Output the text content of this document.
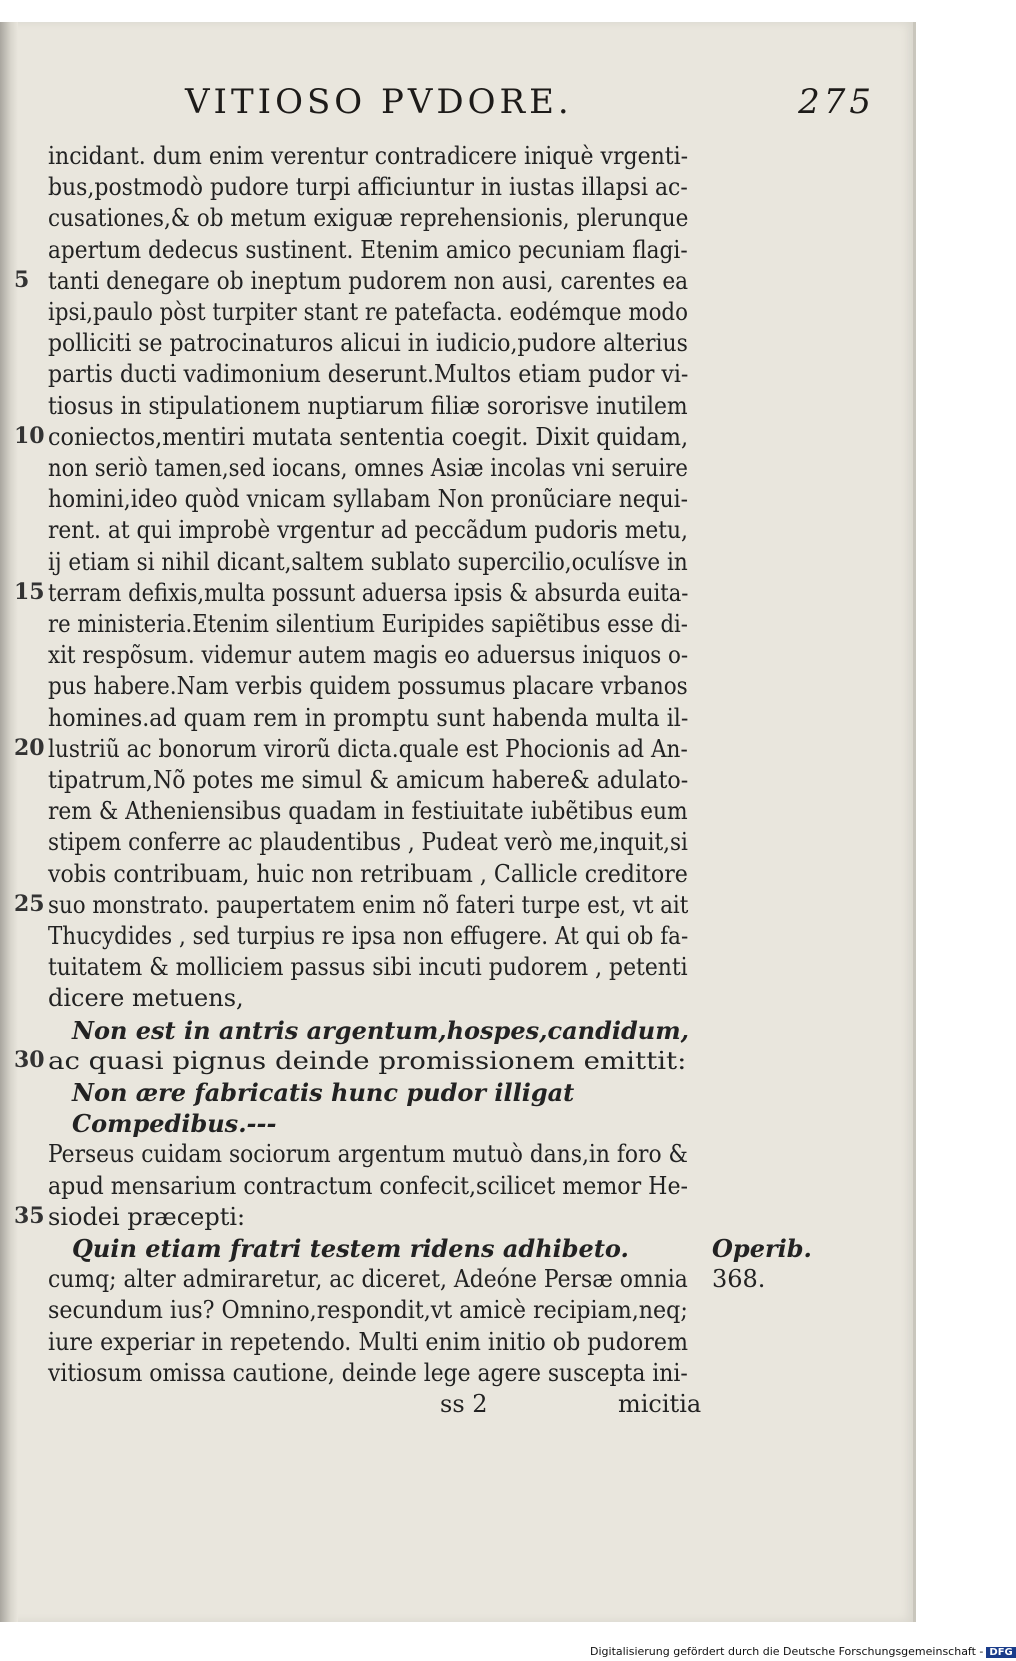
VITIOSO PVDORE.	275
incidant. dum enim verentur contradicere iniquè vrgenti-
bus,postmodò pudore turpi afficiuntur in iustas illapsi ac-
cusationes,& ob metum exiguæ reprehensionis, plerunque
apertum dedecus sustinent. Etenim amico pecuniam flagi-
5 tanti denegare ob ineptum pudorem non ausi, carentes ea
ipsi,paulo pòst turpiter stant re patefacta. eodémque modo
polliciti se patrocinaturos alicui in iudicio,pudore alterius
partis ducti vadimonium deserunt.Multos etiam pudor vi-
tiosus in stipulationem nuptiarum filiæ sororisve inutilem
10 coniectos,mentiri mutata sententia coegit. Dixit quidam,
non seriò tamen,sed iocans, omnes Asiæ incolas vni seruire
homini,ideo quòd vnicam syllabam Non pronũciare nequi-
rent. at qui improbè vrgentur ad peccãdum pudoris metu,
ij etiam si nihil dicant,saltem sublato supercilio,oculísve in
15 terram defixis,multa possunt aduersa ipsis & absurda euita-
re ministeria.Etenim silentium Euripides sapiẽtibus esse di-
xit respõsum. videmur autem magis eo aduersus iniquos o-
pus habere.Nam verbis quidem possumus placare vrbanos
homines.ad quam rem in promptu sunt habenda multa il-
20 lustriũ ac bonorum virorũ dicta.quale est Phocionis ad An-
tipatrum,Nõ potes me simul & amicum habere& adulato-
rem & Atheniensibus quadam in festiuitate iubẽtibus eum
stipem conferre ac plaudentibus , Pudeat verò me,inquit,si
vobis contribuam, huic non retribuam , Callicle creditore
25 suo monstrato. paupertatem enim nõ fateri turpe est, vt ait
Thucydides , sed turpius re ipsa non effugere. At qui ob fa-
tuitatem & molliciem passus sibi incuti pudorem , petenti
dicere metuens,
Non est in antris argentum,hospes,candidum,
30 ac quasi pignus deinde promissionem emittit:
Non ære fabricatis hunc pudor illigat
Compedibus.---
Perseus cuidam sociorum argentum mutuò dans,in foro &
apud mensarium contractum confecit,scilicet memor He-
35 siodei præcepti:
Quin etiam fratri testem ridens adhibeto.	Operib.
cumq; alter admiraretur, ac diceret, Adeóne Persæ omnia 368.
secundum ius? Omnino,respondit,vt amicè recipiam,neq;
iure experiar in repetendo. Multi enim initio ob pudorem
vitiosum omissa cautione, deinde lege agere suscepta ini-
ss 2	micitia
Digitalisierung gefördert durch die Deutsche Forschungsgemeinschaft - DFG
